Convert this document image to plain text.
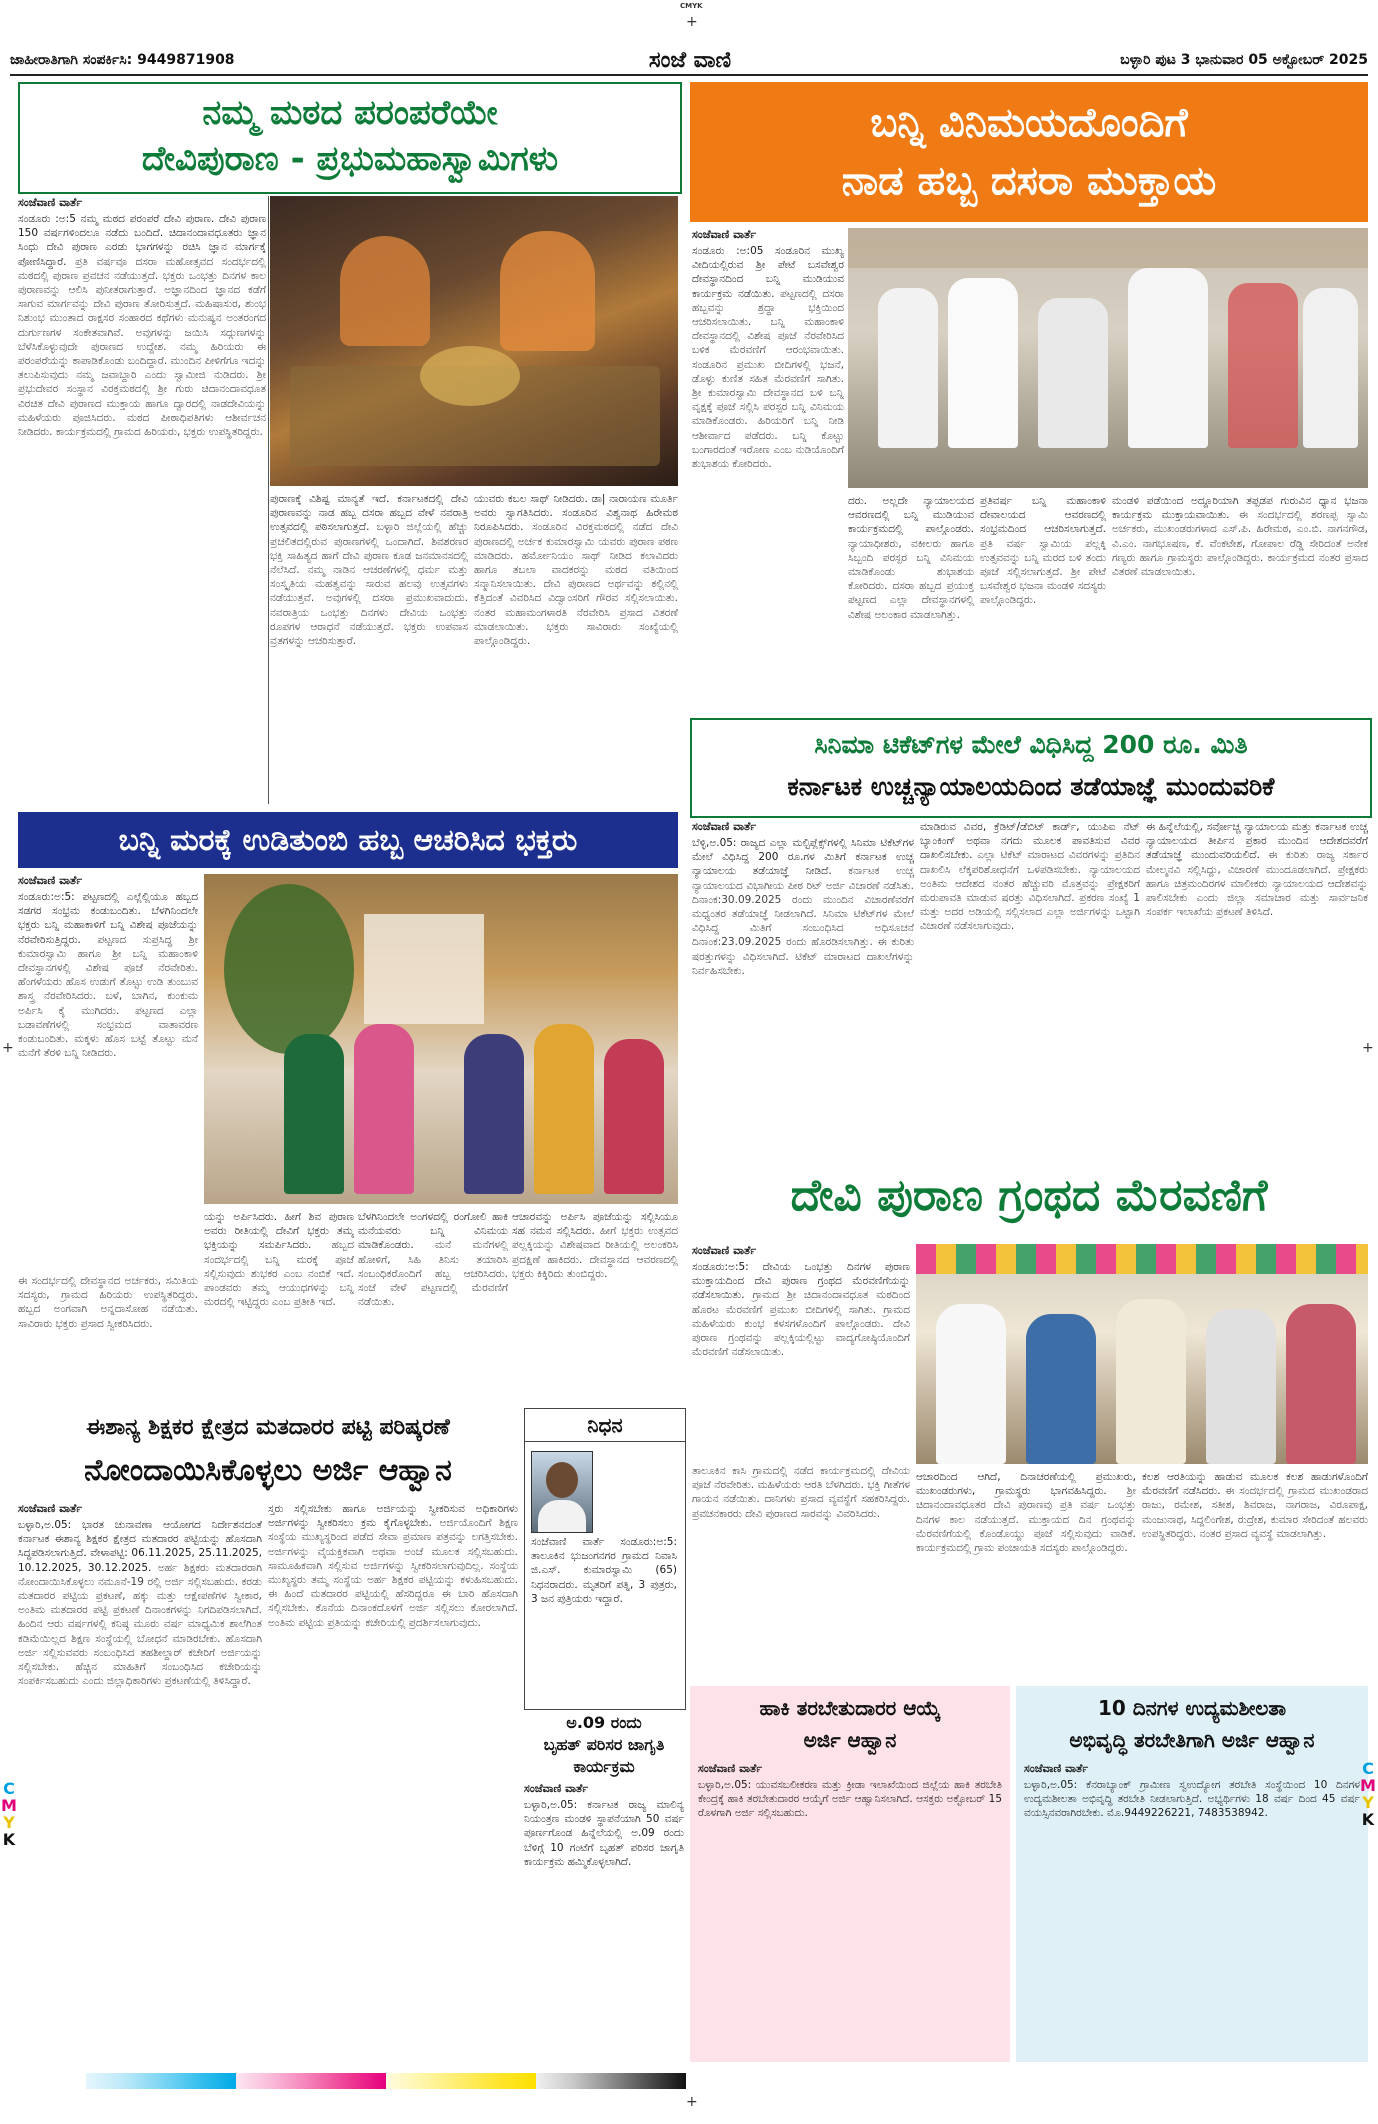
CMYK
+
ಜಾಹೀರಾತಿಗಾಗಿ ಸಂಪರ್ಕಿಸಿ: 9449871908	ಸಂಜೆ ವಾಣಿ	ಬಳ್ಳಾರಿ ಪುಟ 3 ಭಾನುವಾರ 05 ಅಕ್ಟೋಬರ್ 2025
ನಮ್ಮ ಮಠದ ಪರಂಪರೆಯೇ
ದೇವಿಪುರಾಣ - ಪ್ರಭುಮಹಾಸ್ವಾಮಿಗಳು
ಸಂಜೆವಾಣಿ ವಾರ್ತೆ
ಸಂಡೂರು :ಅ:5 ನಮ್ಮ ಮಠದ ಪರಂಪರೆ ದೇವಿ ಪುರಾಣ. ದೇವಿ ಪುರಾಣ 150 ವರ್ಷಗಳಿಂದಲೂ ನಡೆದು ಬಂದಿದೆ. ಚಿದಾನಂದಾವಧೂತರು ಜ್ಞಾನ ಸಿಂಧು ದೇವಿ ಪುರಾಣ ಎರಡು ಭಾಗಗಳನ್ನು ರಚಿಸಿ ಜ್ಞಾನ ಮಾರ್ಗಕ್ಕೆ ಪೋಣಿಸಿದ್ದಾರೆ. ಪ್ರತಿ ವರ್ಷವೂ ದಸರಾ ಮಹೋತ್ಸವದ ಸಂದರ್ಭದಲ್ಲಿ ಮಠದಲ್ಲಿ ಪುರಾಣ ಪ್ರವಚನ ನಡೆಯುತ್ತದೆ. ಭಕ್ತರು ಒಂಭತ್ತು ದಿನಗಳ ಕಾಲ ಪುರಾಣವನ್ನು ಆಲಿಸಿ ಪುನೀತರಾಗುತ್ತಾರೆ. ಅಜ್ಞಾನದಿಂದ ಜ್ಞಾನದ ಕಡೆಗೆ ಸಾಗುವ ಮಾರ್ಗವನ್ನು ದೇವಿ ಪುರಾಣ ತೋರಿಸುತ್ತದೆ. ಮಹಿಷಾಸುರ, ಶುಂಭ ನಿಶುಂಭ ಮುಂತಾದ ರಾಕ್ಷಸರ ಸಂಹಾರದ ಕಥೆಗಳು ಮನುಷ್ಯನ ಅಂತರಂಗದ ದುರ್ಗುಣಗಳ ಸಂಕೇತವಾಗಿವೆ. ಅವುಗಳನ್ನು ಜಯಿಸಿ ಸದ್ಗುಣಗಳನ್ನು ಬೆಳೆಸಿಕೊಳ್ಳುವುದೇ ಪುರಾಣದ ಉದ್ದೇಶ. ನಮ್ಮ ಹಿರಿಯರು ಈ ಪರಂಪರೆಯನ್ನು ಕಾಪಾಡಿಕೊಂಡು ಬಂದಿದ್ದಾರೆ. ಮುಂದಿನ ಪೀಳಿಗೆಗೂ ಇದನ್ನು ತಲುಪಿಸುವುದು ನಮ್ಮ ಜವಾಬ್ದಾರಿ ಎಂದು ಸ್ವಾಮೀಜಿ ನುಡಿದರು. ಶ್ರೀ ಪ್ರಭುದೇವರ ಸಂಸ್ಥಾನ ವಿರಕ್ತಮಠದಲ್ಲಿ ಶ್ರೀ ಗುರು ಚಿದಾನಂದಾವಧೂತ ವಿರಚಿತ ದೇವಿ ಪುರಾಣದ ಮುಕ್ತಾಯ ಹಾಗೂ ದ್ವಾರದಲ್ಲಿ ನಾಡದೇವಿಯನ್ನು ಮಹಿಳೆಯರು ಪೂಜಿಸಿದರು. ಮಠದ ಪೀಠಾಧಿಪತಿಗಳು ಆಶೀರ್ವಚನ ನೀಡಿದರು. ಕಾರ್ಯಕ್ರಮದಲ್ಲಿ ಗ್ರಾಮದ ಹಿರಿಯರು, ಭಕ್ತರು ಉಪಸ್ಥಿತರಿದ್ದರು.
ಪುರಾಣಕ್ಕೆ ವಿಶಿಷ್ಟ ಮಾನ್ಯತೆ ಇದೆ. ಕರ್ನಾಟಕದಲ್ಲಿ ದೇವಿ ಪುರಾಣವನ್ನು ನಾಡ ಹಬ್ಬ ದಸರಾ ಹಬ್ಬದ ವೇಳೆ ನವರಾತ್ರಿ ಉತ್ಸವದಲ್ಲಿ ಪಠಿಸಲಾಗುತ್ತದೆ. ಬಳ್ಳಾರಿ ಜಿಲ್ಲೆಯಲ್ಲಿ ಹೆಚ್ಚು ಪ್ರಚಲಿತದಲ್ಲಿರುವ ಪುರಾಣಗಳಲ್ಲಿ ಒಂದಾಗಿದೆ. ಶಿವಶರಣರ ಭಕ್ತಿ ಸಾಹಿತ್ಯದ ಹಾಗೆ ದೇವಿ ಪುರಾಣ ಕೂಡ ಜನಮಾನಸದಲ್ಲಿ ನೆಲೆಸಿದೆ. ನಮ್ಮ ನಾಡಿನ ಆಚರಣೆಗಳಲ್ಲಿ ಧರ್ಮ ಮತ್ತು ಸಂಸ್ಕೃತಿಯ ಮಹತ್ವವನ್ನು ಸಾರುವ ಹಲವು ಉತ್ಸವಗಳು ನಡೆಯುತ್ತವೆ. ಅವುಗಳಲ್ಲಿ ದಸರಾ ಪ್ರಮುಖವಾದುದು. ನವರಾತ್ರಿಯ ಒಂಭತ್ತು ದಿನಗಳು ದೇವಿಯ ಒಂಭತ್ತು ರೂಪಗಳ ಆರಾಧನೆ ನಡೆಯುತ್ತದೆ. ಭಕ್ತರು ಉಪವಾಸ ವ್ರತಗಳನ್ನು ಆಚರಿಸುತ್ತಾರೆ.
ಯುವರು ಕಬಲ ಸಾಥ್ ನೀಡಿದರು. ಡಾ| ನಾರಾಯಣ ಮೂರ್ತಿ ಅವರು ಸ್ವಾಗತಿಸಿದರು. ಸಂಡೂರಿನ ವಿಶ್ವನಾಥ ಹಿರೇಮಠ ನಿರೂಪಿಸಿದರು. ಸಂಡೂರಿನ ವಿರಕ್ತಮಠದಲ್ಲಿ ನಡೆದ ದೇವಿ ಪುರಾಣದಲ್ಲಿ ಅರ್ಚಕ ಕುಮಾರಸ್ವಾಮಿ ಯವರು ಪುರಾಣ ಪಠಣ ಮಾಡಿದರು. ಹರ್ಮೋನಿಯಂ ಸಾಥ್ ನೀಡಿದ ಕಲಾವಿದರು ಹಾಗೂ ತಬಲಾ ವಾದಕರನ್ನು ಮಠದ ವತಿಯಿಂದ ಸನ್ಮಾನಿಸಲಾಯಿತು. ದೇವಿ ಪುರಾಣದ ಅರ್ಥವನ್ನು ಕಲ್ಲಿನಲ್ಲಿ ಕೆತ್ತಿದಂತೆ ವಿವರಿಸಿದ ವಿದ್ವಾಂಸರಿಗೆ ಗೌರವ ಸಲ್ಲಿಸಲಾಯಿತು. ನಂತರ ಮಹಾಮಂಗಳಾರತಿ ನೆರವೇರಿಸಿ ಪ್ರಸಾದ ವಿತರಣೆ ಮಾಡಲಾಯಿತು. ಭಕ್ತರು ಸಾವಿರಾರು ಸಂಖ್ಯೆಯಲ್ಲಿ ಪಾಲ್ಗೊಂಡಿದ್ದರು.
ಬನ್ನಿ ವಿನಿಮಯದೊಂದಿಗೆ
ನಾಡ ಹಬ್ಬ ದಸರಾ ಮುಕ್ತಾಯ
ಸಂಜೆವಾಣಿ ವಾರ್ತೆ
ಸಂಡೂರು :ಅ:05 ಸಂಡೂರಿನ ಮುಖ್ಯ ವೀದಿಯಲ್ಲಿರುವ ಶ್ರೀ ಪೇಟೆ ಬಸವೇಶ್ವರ ದೇವಸ್ಥಾನದಿಂದ ಬನ್ನಿ ಮುಡಿಯುವ ಕಾರ್ಯಕ್ರಮ ನಡೆಯಿತು. ಪಟ್ಟಣದಲ್ಲಿ ದಸರಾ ಹಬ್ಬವನ್ನು ಶ್ರದ್ಧಾ ಭಕ್ತಿಯಿಂದ ಆಚರಿಸಲಾಯಿತು. ಬನ್ನಿ ಮಹಾಂಕಾಳಿ ದೇವಸ್ಥಾನದಲ್ಲಿ ವಿಶೇಷ ಪೂಜೆ ನೆರವೇರಿಸಿದ ಬಳಿಕ ಮೆರವಣಿಗೆ ಆರಂಭವಾಯಿತು. ಸಂಡೂರಿನ ಪ್ರಮುಖ ಬೀದಿಗಳಲ್ಲಿ ಭಜನೆ, ಡೊಳ್ಳು ಕುಣಿತ ಸಹಿತ ಮೆರವಣಿಗೆ ಸಾಗಿತು. ಶ್ರೀ ಕುಮಾರಸ್ವಾಮಿ ದೇವಸ್ಥಾನದ ಬಳಿ ಬನ್ನಿ ವೃಕ್ಷಕ್ಕೆ ಪೂಜೆ ಸಲ್ಲಿಸಿ ಪರಸ್ಪರ ಬನ್ನಿ ವಿನಿಮಯ ಮಾಡಿಕೊಂಡರು. ಹಿರಿಯರಿಗೆ ಬನ್ನಿ ನೀಡಿ ಆಶೀರ್ವಾದ ಪಡೆದರು. ಬನ್ನಿ ಕೊಟ್ಟು ಬಂಗಾರದಂತೆ ಇರೋಣ ಎಂಬ ನುಡಿಯೊಂದಿಗೆ ಶುಭಾಶಯ ಕೋರಿದರು.
ದರು. ಅಲ್ಲದೇ ನ್ಯಾಯಾಲಯದ ಆವರಣದಲ್ಲಿ ಬನ್ನಿ ಮುಡಿಯುವ ಕಾರ್ಯಕ್ರಮದಲ್ಲಿ ಪಾಲ್ಗೊಂಡರು. ನ್ಯಾಯಾಧೀಶರು, ವಕೀಲರು ಹಾಗೂ ಸಿಬ್ಬಂದಿ ಪರಸ್ಪರ ಬನ್ನಿ ವಿನಿಮಯ ಮಾಡಿಕೊಂಡು ಶುಭಾಶಯ ಕೋರಿದರು. ದಸರಾ ಹಬ್ಬದ ಪ್ರಯುಕ್ತ ಪಟ್ಟಣದ ಎಲ್ಲಾ ದೇವಸ್ಥಾನಗಳಲ್ಲಿ ವಿಶೇಷ ಅಲಂಕಾರ ಮಾಡಲಾಗಿತ್ತು.
ಪ್ರತಿವರ್ಷ ಬನ್ನಿ ಮಹಾಂಕಾಳಿ ದೇವಾಲಯದ ಆವರಣದಲ್ಲಿ ಸಂಭ್ರಮದಿಂದ ಆಚರಿಸಲಾಗುತ್ತದೆ. ಪ್ರತಿ ವರ್ಷ ಸ್ವಾಮಿಯ ಪಲ್ಲಕ್ಕಿ ಉತ್ಸವವನ್ನು ಬನ್ನಿ ಮರದ ಬಳಿ ತಂದು ಪೂಜೆ ಸಲ್ಲಿಸಲಾಗುತ್ತದೆ. ಶ್ರೀ ಪೇಟೆ ಬಸವೇಶ್ವರ ಭಜನಾ ಮಂಡಳಿ ಸದಸ್ಯರು ಪಾಲ್ಗೊಂಡಿದ್ದರು.
ಮಂಡಳಿ ಪಡೆಯಿಂದ ಅದ್ದೂರಿಯಾಗಿ ತಪ್ಪಡಪ ಗುರುವಿನ ಧ್ಯಾನ ಭಜನಾ ಕಾರ್ಯಕ್ರಮ ಮುಕ್ತಾಯವಾಯಿತು. ಈ ಸಂದರ್ಭದಲ್ಲಿ ಶರಣಪ್ಪ ಸ್ವಾಮಿ ಅರ್ಚಕರು, ಮುಖಂಡರುಗಳಾದ ಎಸ್.ಪಿ. ಹಿರೇಮಠ, ಎಂ.ಬಿ. ನಾಗನಗೌಡ, ವಿ.ಎಂ. ನಾಗಭೂಷಣ, ಕೆ. ವೆಂಕಟೇಶ, ಗೋಪಾಲ ರೆಡ್ಡಿ ಸೇರಿದಂತೆ ಅನೇಕ ಗಣ್ಯರು ಹಾಗೂ ಗ್ರಾಮಸ್ಥರು ಪಾಲ್ಗೊಂಡಿದ್ದರು. ಕಾರ್ಯಕ್ರಮದ ನಂತರ ಪ್ರಸಾದ ವಿತರಣೆ ಮಾಡಲಾಯಿತು.
ಸಿನಿಮಾ ಟಿಕೆಟ್‌ಗಳ ಮೇಲೆ ವಿಧಿಸಿದ್ದ 200 ರೂ. ಮಿತಿ
ಕರ್ನಾಟಕ ಉಚ್ಚನ್ಯಾಯಾಲಯದಿಂದ ತಡೆಯಾಜ್ಞೆ ಮುಂದುವರಿಕೆ
ಸಂಜೆವಾಣಿ ವಾರ್ತೆ
ಬೆಳ್ಳಿ,ಅ.05: ರಾಜ್ಯದ ಎಲ್ಲಾ ಮಲ್ಟಿಪ್ಲೆಕ್ಸ್‌ಗಳಲ್ಲಿ ಸಿನಿಮಾ ಟಿಕೆಟ್‌ಗಳ ಮೇಲೆ ವಿಧಿಸಿದ್ದ 200 ರೂ.ಗಳ ಮಿತಿಗೆ ಕರ್ನಾಟಕ ಉಚ್ಚ ನ್ಯಾಯಾಲಯ ತಡೆಯಾಜ್ಞೆ ನೀಡಿದೆ. ಕರ್ನಾಟಕ ಉಚ್ಚ ನ್ಯಾಯಾಲಯದ ವಿಭಾಗೀಯ ಪೀಠ ರಿಟ್ ಅರ್ಜಿ ವಿಚಾರಣೆ ನಡೆಸಿತು. ದಿನಾಂಕ:30.09.2025 ರಂದು ಮುಂದಿನ ವಿಚಾರಣೆವರೆಗೆ ಮಧ್ಯಂತರ ತಡೆಯಾಜ್ಞೆ ನೀಡಲಾಗಿದೆ. ಸಿನಿಮಾ ಟಿಕೆಟ್‌ಗಳ ಮೇಲೆ ವಿಧಿಸಿದ್ದ ಮಿತಿಗೆ ಸಂಬಂಧಿಸಿದ ಅಧಿಸೂಚನೆ ದಿನಾಂಕ:23.09.2025 ರಂದು ಹೊರಡಿಸಲಾಗಿತ್ತು. ಈ ಕುರಿತು ಷರತ್ತುಗಳನ್ನು ವಿಧಿಸಲಾಗಿದೆ. ಟಿಕೆಟ್ ಮಾರಾಟದ ದಾಖಲೆಗಳನ್ನು ನಿರ್ವಹಿಸಬೇಕು.
ಮಾಡಿರುವ ವಿವರ, ಕ್ರೆಡಿಟ್/ಡೆಬಿಟ್ ಕಾರ್ಡ್, ಯುಪಿಐ ನೆಟ್ ಬ್ಯಾಂಕಿಂಗ್ ಅಥವಾ ನಗದು ಮೂಲಕ ಪಾವತಿಸುವ ವಿವರ ದಾಖಲಿಸಬೇಕು. ಎಲ್ಲಾ ಟಿಕೆಟ್ ಮಾರಾಟದ ವಿವರಗಳನ್ನು ಪ್ರತಿದಿನ ದಾಖಲಿಸಿ ಲೆಕ್ಕಪರಿಶೋಧನೆಗೆ ಒಳಪಡಿಸಬೇಕು. ನ್ಯಾಯಾಲಯದ ಅಂತಿಮ ಆದೇಶದ ನಂತರ ಹೆಚ್ಚುವರಿ ಮೊತ್ತವನ್ನು ಪ್ರೇಕ್ಷಕರಿಗೆ ಮರುಪಾವತಿ ಮಾಡುವ ಷರತ್ತು ವಿಧಿಸಲಾಗಿದೆ. ಪ್ರಕರಣ ಸಂಖ್ಯೆ 1 ಮತ್ತು ಅದರ ಅಡಿಯಲ್ಲಿ ಸಲ್ಲಿಸಲಾದ ಎಲ್ಲಾ ಅರ್ಜಿಗಳನ್ನು ಒಟ್ಟಾಗಿ ವಿಚಾರಣೆ ನಡೆಸಲಾಗುವುದು.
ಈ ಹಿನ್ನೆಲೆಯಲ್ಲಿ, ಸರ್ವೋಚ್ಚ ನ್ಯಾಯಾಲಯ ಮತ್ತು ಕರ್ನಾಟಕ ಉಚ್ಚ ನ್ಯಾಯಾಲಯದ ತೀರ್ಪಿನ ಪ್ರಕಾರ ಮುಂದಿನ ಆದೇಶದವರೆಗೆ ತಡೆಯಾಜ್ಞೆ ಮುಂದುವರಿಯಲಿದೆ. ಈ ಕುರಿತು ರಾಜ್ಯ ಸರ್ಕಾರ ಮೇಲ್ಮನವಿ ಸಲ್ಲಿಸಿದ್ದು, ವಿಚಾರಣೆ ಮುಂದೂಡಲಾಗಿದೆ. ಪ್ರೇಕ್ಷಕರು ಹಾಗೂ ಚಿತ್ರಮಂದಿರಗಳ ಮಾಲೀಕರು ನ್ಯಾಯಾಲಯದ ಆದೇಶವನ್ನು ಪಾಲಿಸಬೇಕು ಎಂದು ಜಿಲ್ಲಾ ಸಮಾಚಾರ ಮತ್ತು ಸಾರ್ವಜನಿಕ ಸಂಪರ್ಕ ಇಲಾಖೆಯ ಪ್ರಕಟಣೆ ತಿಳಿಸಿದೆ.
ಬನ್ನಿ ಮರಕ್ಕೆ ಉಡಿತುಂಬಿ ಹಬ್ಬ ಆಚರಿಸಿದ ಭಕ್ತರು
ಸಂಜೆವಾಣಿ ವಾರ್ತೆ
ಸಂಡೂರು:ಅ:5: ಪಟ್ಟಣದಲ್ಲಿ ಎಲ್ಲೆಲ್ಲಿಯೂ ಹಬ್ಬದ ಸಡಗರ ಸಂಭ್ರಮ ಕಂಡುಬಂದಿತು. ಬೆಳಗಿನಿಂದಲೇ ಭಕ್ತರು ಬನ್ನಿ ಮಹಾಕಾಳಿಗೆ ಬನ್ನಿ ವಿಶೇಷ ಪೂಜೆಯನ್ನು ನೆರವೇರಿಸುತ್ತಿದ್ದರು. ಪಟ್ಟಣದ ಸುಪ್ರಸಿದ್ಧ ಶ್ರೀ ಕುಮಾರಸ್ವಾಮಿ ಹಾಗೂ ಶ್ರೀ ಬನ್ನಿ ಮಹಾಂಕಾಳಿ ದೇವಸ್ಥಾನಗಳಲ್ಲಿ ವಿಶೇಷ ಪೂಜೆ ನೆರವೇರಿತು. ಹೆಂಗಳೆಯರು ಹೊಸ ಉಡುಗೆ ತೊಟ್ಟು ಉಡಿ ತುಂಬುವ ಶಾಸ್ತ್ರ ನೆರವೇರಿಸಿದರು. ಬಳೆ, ಬಾಗಿನ, ಕುಂಕುಮ ಅರ್ಪಿಸಿ ಕೈ ಮುಗಿದರು. ಪಟ್ಟಣದ ಎಲ್ಲಾ ಬಡಾವಣೆಗಳಲ್ಲಿ ಸಂಭ್ರಮದ ವಾತಾವರಣ ಕಂಡುಬಂದಿತು. ಮಕ್ಕಳು ಹೊಸ ಬಟ್ಟೆ ತೊಟ್ಟು ಮನೆ ಮನೆಗೆ ತೆರಳಿ ಬನ್ನಿ ನೀಡಿದರು.
ಯನ್ನು ಅರ್ಪಿಸಿದರು. ಹೀಗೆ ಶಿವ ಪುರಾಣ ಅವರು ರೀತಿಯಲ್ಲಿ ದೇವಿಗೆ ಭಕ್ತರು ತಮ್ಮ ಭಕ್ತಿಯನ್ನು ಸಮರ್ಪಿಸಿದರು. ಹಬ್ಬದ ಸಂದರ್ಭದಲ್ಲಿ ಬನ್ನಿ ಮರಕ್ಕೆ ಪೂಜೆ ಸಲ್ಲಿಸುವುದು ಶುಭಕರ ಎಂಬ ನಂಬಿಕೆ ಇದೆ. ಪಾಂಡವರು ತಮ್ಮ ಆಯುಧಗಳನ್ನು ಬನ್ನಿ ಮರದಲ್ಲಿ ಇಟ್ಟಿದ್ದರು ಎಂಬ ಪ್ರತೀತಿ ಇದೆ.
ಬೆಳಗಿನಿಂದಲೇ ಅಂಗಳದಲ್ಲಿ ರಂಗೋಲಿ ಹಾಕಿ ಮನೆಯವರು ಬನ್ನಿ ವಿನಿಮಯ ಮಾಡಿಕೊಂಡರು. ಮನೆ ಮನೆಗಳಲ್ಲಿ ಹೋಳಿಗೆ, ಸಿಹಿ ತಿನಿಸು ತಯಾರಿಸಿ ಸಂಬಂಧಿಕರೊಂದಿಗೆ ಹಬ್ಬ ಆಚರಿಸಿದರು. ಸಂಜೆ ವೇಳೆ ಪಟ್ಟಣದಲ್ಲಿ ಮೆರವಣಿಗೆ ನಡೆಯಿತು.
ಆಚಾರವನ್ನು ಅರ್ಪಿಸಿ ಪೂಜೆಯನ್ನು ಸಲ್ಲಿಸಿಯೂ ಸಹ ನಮನ ಸಲ್ಲಿಸಿದರು. ಹೀಗೆ ಭಕ್ತರು ಉತ್ಸವದ ಪಲ್ಲಕ್ಕಿಯನ್ನು ವಿಶೇಷವಾದ ರೀತಿಯಲ್ಲಿ ಅಲಂಕರಿಸಿ ಪ್ರದಕ್ಷಿಣೆ ಹಾಕಿದರು. ದೇವಸ್ಥಾನದ ಆವರಣದಲ್ಲಿ ಭಕ್ತರು ಕಿಕ್ಕಿರಿದು ತುಂಬಿದ್ದರು.
ಈ ಸಂದರ್ಭದಲ್ಲಿ ದೇವಸ್ಥಾನದ ಅರ್ಚಕರು, ಸಮಿತಿಯ ಸದಸ್ಯರು, ಗ್ರಾಮದ ಹಿರಿಯರು ಉಪಸ್ಥಿತರಿದ್ದರು. ಹಬ್ಬದ ಅಂಗವಾಗಿ ಅನ್ನದಾಸೋಹ ನಡೆಯಿತು. ಸಾವಿರಾರು ಭಕ್ತರು ಪ್ರಸಾದ ಸ್ವೀಕರಿಸಿದರು.
ದೇವಿ ಪುರಾಣ ಗ್ರಂಥದ ಮೆರವಣಿಗೆ
ಸಂಜೆವಾಣಿ ವಾರ್ತೆ
ಸಂಡೂರು:ಅ:5: ದೇವಿಯ ಒಂಭತ್ತು ದಿನಗಳ ಪುರಾಣ ಮುಕ್ತಾಯದಿಂದ ದೇವಿ ಪುರಾಣ ಗ್ರಂಥದ ಮೆರವಣಿಗೆಯನ್ನು ನಡೆಸಲಾಯಿತು. ಗ್ರಾಮದ ಶ್ರೀ ಚಿದಾನಂದಾವಧೂತ ಮಠದಿಂದ ಹೊರಟ ಮೆರವಣಿಗೆ ಪ್ರಮುಖ ಬೀದಿಗಳಲ್ಲಿ ಸಾಗಿತು. ಗ್ರಾಮದ ಮಹಿಳೆಯರು ಕುಂಭ ಕಳಸಗಳೊಂದಿಗೆ ಪಾಲ್ಗೊಂಡರು. ದೇವಿ ಪುರಾಣ ಗ್ರಂಥವನ್ನು ಪಲ್ಲಕ್ಕಿಯಲ್ಲಿಟ್ಟು ವಾದ್ಯಗೋಷ್ಠಿಯೊಂದಿಗೆ ಮೆರವಣಿಗೆ ನಡೆಸಲಾಯಿತು.
ಆಚಾರದಿಂದ ಆಗಿದೆ, ದಿನಾಚರಣೆಯಲ್ಲಿ ಪ್ರಮುಖರು, ಮುಖಂಡರುಗಳು, ಗ್ರಾಮಸ್ಥರು ಭಾಗವಹಿಸಿದ್ದರು. ಶ್ರೀ ಚಿದಾನಂದಾವಧೂತರ ದೇವಿ ಪುರಾಣವು ಪ್ರತಿ ವರ್ಷ ಒಂಭತ್ತು ದಿನಗಳ ಕಾಲ ನಡೆಯುತ್ತದೆ. ಮುಕ್ತಾಯದ ದಿನ ಗ್ರಂಥವನ್ನು ಮೆರವಣಿಗೆಯಲ್ಲಿ ಕೊಂಡೊಯ್ದು ಪೂಜೆ ಸಲ್ಲಿಸುವುದು ವಾಡಿಕೆ. ಕಾರ್ಯಕ್ರಮದಲ್ಲಿ ಗ್ರಾಮ ಪಂಚಾಯತಿ ಸದಸ್ಯರು ಪಾಲ್ಗೊಂಡಿದ್ದರು.
ಕಲಶ ಆರತಿಯನ್ನು ಹಾಡುವ ಮೂಲಕ ಕಲಶ ಹಾಡುಗಳೊಂದಿಗೆ ಮೆರವಣಿಗೆ ನಡೆಸಿದರು. ಈ ಸಂದರ್ಭದಲ್ಲಿ ಗ್ರಾಮದ ಮುಖಂಡರಾದ ರಾಜು, ರಮೇಶ, ಸತೀಶ, ಶಿವರಾಜ, ನಾಗರಾಜ, ವಿರೂಪಾಕ್ಷ, ಮಂಜುನಾಥ, ಸಿದ್ದಲಿಂಗೇಶ, ರುದ್ರೇಶ, ಕುಮಾರ ಸೇರಿದಂತೆ ಹಲವರು ಉಪಸ್ಥಿತರಿದ್ದರು. ನಂತರ ಪ್ರಸಾದ ವ್ಯವಸ್ಥೆ ಮಾಡಲಾಗಿತ್ತು.
ತಾಲೂಕಿನ ಕಾಸಿ ಗ್ರಾಮದಲ್ಲಿ ನಡೆದ ಕಾರ್ಯಕ್ರಮದಲ್ಲಿ ದೇವಿಯ ಪೂಜೆ ನೆರವೇರಿತು. ಮಹಿಳೆಯರು ಆರತಿ ಬೆಳಗಿದರು. ಭಕ್ತಿ ಗೀತೆಗಳ ಗಾಯನ ನಡೆಯಿತು. ದಾನಿಗಳು ಪ್ರಸಾದ ವ್ಯವಸ್ಥೆಗೆ ಸಹಕರಿಸಿದ್ದರು. ಪ್ರವಚನಕಾರರು ದೇವಿ ಪುರಾಣದ ಸಾರವನ್ನು ವಿವರಿಸಿದರು.
ಈಶಾನ್ಯ ಶಿಕ್ಷಕರ ಕ್ಷೇತ್ರದ ಮತದಾರರ ಪಟ್ಟಿ ಪರಿಷ್ಕರಣೆ
ನೋಂದಾಯಿಸಿಕೊಳ್ಳಲು ಅರ್ಜಿ ಆಹ್ವಾನ
ಸಂಜೆವಾಣಿ ವಾರ್ತೆ
ಬಳ್ಳಾರಿ,ಅ.05: ಭಾರತ ಚುನಾವಣಾ ಆಯೋಗದ ನಿರ್ದೇಶನದಂತೆ ಕರ್ನಾಟಕ ಈಶಾನ್ಯ ಶಿಕ್ಷಕರ ಕ್ಷೇತ್ರದ ಮತದಾರರ ಪಟ್ಟಿಯನ್ನು ಹೊಸದಾಗಿ ಸಿದ್ಧಪಡಿಸಲಾಗುತ್ತಿದೆ. ವೇಳಾಪಟ್ಟಿ: 06.11.2025, 25.11.2025, 10.12.2025, 30.12.2025. ಅರ್ಹ ಶಿಕ್ಷಕರು ಮತದಾರರಾಗಿ ನೋಂದಾಯಿಸಿಕೊಳ್ಳಲು ನಮೂನೆ-19 ರಲ್ಲಿ ಅರ್ಜಿ ಸಲ್ಲಿಸಬಹುದು. ಕರಡು ಮತದಾರರ ಪಟ್ಟಿಯ ಪ್ರಕಟಣೆ, ಹಕ್ಕು ಮತ್ತು ಆಕ್ಷೇಪಣೆಗಳ ಸ್ವೀಕಾರ, ಅಂತಿಮ ಮತದಾರರ ಪಟ್ಟಿ ಪ್ರಕಟಣೆ ದಿನಾಂಕಗಳನ್ನು ನಿಗದಿಪಡಿಸಲಾಗಿದೆ. ಹಿಂದಿನ ಆರು ವರ್ಷಗಳಲ್ಲಿ ಕನಿಷ್ಠ ಮೂರು ವರ್ಷ ಮಾಧ್ಯಮಿಕ ಶಾಲೆಗಿಂತ ಕಡಿಮೆಯಿಲ್ಲದ ಶಿಕ್ಷಣ ಸಂಸ್ಥೆಯಲ್ಲಿ ಬೋಧನೆ ಮಾಡಿರಬೇಕು. ಹೊಸದಾಗಿ ಅರ್ಜಿ ಸಲ್ಲಿಸುವವರು ಸಂಬಂಧಿಸಿದ ತಹಶೀಲ್ದಾರ್ ಕಚೇರಿಗೆ ಅರ್ಜಿಯನ್ನು ಸಲ್ಲಿಸಬೇಕು. ಹೆಚ್ಚಿನ ಮಾಹಿತಿಗೆ ಸಂಬಂಧಿಸಿದ ಕಚೇರಿಯನ್ನು ಸಂಪರ್ಕಿಸಬಹುದು ಎಂದು ಜಿಲ್ಲಾಧಿಕಾರಿಗಳು ಪ್ರಕಟಣೆಯಲ್ಲಿ ತಿಳಿಸಿದ್ದಾರೆ.
ಸ್ತರು ಸಲ್ಲಿಸಬೇಕು ಹಾಗೂ ಅರ್ಜಿಯನ್ನು ಸ್ವೀಕರಿಸುವ ಅಧಿಕಾರಿಗಳು ಅರ್ಜಿಗಳನ್ನು ಸ್ವೀಕರಿಸಲು ಕ್ರಮ ಕೈಗೊಳ್ಳಬೇಕು. ಅರ್ಜಿಯೊಂದಿಗೆ ಶಿಕ್ಷಣ ಸಂಸ್ಥೆಯ ಮುಖ್ಯಸ್ಥರಿಂದ ಪಡೆದ ಸೇವಾ ಪ್ರಮಾಣ ಪತ್ರವನ್ನು ಲಗತ್ತಿಸಬೇಕು. ಅರ್ಜಿಗಳನ್ನು ವೈಯಕ್ತಿಕವಾಗಿ ಅಥವಾ ಅಂಚೆ ಮೂಲಕ ಸಲ್ಲಿಸಬಹುದು. ಸಾಮೂಹಿಕವಾಗಿ ಸಲ್ಲಿಸುವ ಅರ್ಜಿಗಳನ್ನು ಸ್ವೀಕರಿಸಲಾಗುವುದಿಲ್ಲ. ಸಂಸ್ಥೆಯ ಮುಖ್ಯಸ್ಥರು ತಮ್ಮ ಸಂಸ್ಥೆಯ ಅರ್ಹ ಶಿಕ್ಷಕರ ಪಟ್ಟಿಯನ್ನು ಕಳುಹಿಸಬಹುದು. ಈ ಹಿಂದೆ ಮತದಾರರ ಪಟ್ಟಿಯಲ್ಲಿ ಹೆಸರಿದ್ದರೂ ಈ ಬಾರಿ ಹೊಸದಾಗಿ ಸಲ್ಲಿಸಬೇಕು. ಕೊನೆಯ ದಿನಾಂಕದೊಳಗೆ ಅರ್ಜಿ ಸಲ್ಲಿಸಲು ಕೋರಲಾಗಿದೆ. ಅಂತಿಮ ಪಟ್ಟಿಯ ಪ್ರತಿಯನ್ನು ಕಚೇರಿಯಲ್ಲಿ ಪ್ರದರ್ಶಿಸಲಾಗುವುದು.
ನಿಧನ
ಸಂಜೆವಾಣಿ ವಾರ್ತೆ ಸಂಡೂರು:ಅ:5: ತಾಲೂಕಿನ ಭುಜಂಗನಗರ ಗ್ರಾಮದ ನಿವಾಸಿ ಜಿ.ಎಸ್. ಕುಮಾರಸ್ವಾಮಿ (65) ನಿಧನರಾದರು. ಮೃತರಿಗೆ ಪತ್ನಿ, 3 ಪುತ್ರರು, 3 ಜನ ಪುತ್ರಿಯರು ಇದ್ದಾರೆ.
ಅ.09 ರಂದು
ಬೃಹತ್ ಪರಿಸರ ಜಾಗೃತಿ
ಕಾರ್ಯಕ್ರಮ
ಸಂಜೆವಾಣಿ ವಾರ್ತೆ
ಬಳ್ಳಾರಿ,ಅ.05: ಕರ್ನಾಟಕ ರಾಜ್ಯ ಮಾಲಿನ್ಯ ನಿಯಂತ್ರಣ ಮಂಡಳಿ ಸ್ಥಾಪನೆಯಾಗಿ 50 ವರ್ಷ ಪೂರ್ಣಗೊಂಡ ಹಿನ್ನೆಲೆಯಲ್ಲಿ ಅ.09 ರಂದು ಬೆಳಿಗ್ಗೆ 10 ಗಂಟೆಗೆ ಬೃಹತ್ ಪರಿಸರ ಜಾಗೃತಿ ಕಾರ್ಯಕ್ರಮ ಹಮ್ಮಿಕೊಳ್ಳಲಾಗಿದೆ.
ಹಾಕಿ ತರಬೇತುದಾರರ ಆಯ್ಕೆ
ಅರ್ಜಿ ಆಹ್ವಾನ
ಸಂಜೆವಾಣಿ ವಾರ್ತೆ
ಬಳ್ಳಾರಿ,ಅ.05: ಯುವಸಬಲೀಕರಣ ಮತ್ತು ಕ್ರೀಡಾ ಇಲಾಖೆಯಿಂದ ಜಿಲ್ಲೆಯ ಹಾಕಿ ತರಬೇತಿ ಕೇಂದ್ರಕ್ಕೆ ಹಾಕಿ ತರಬೇತುದಾರರ ಆಯ್ಕೆಗೆ ಅರ್ಜಿ ಆಹ್ವಾನಿಸಲಾಗಿದೆ. ಆಸಕ್ತರು ಅಕ್ಟೋಬರ್ 15 ರೊಳಗಾಗಿ ಅರ್ಜಿ ಸಲ್ಲಿಸಬಹುದು.
10 ದಿನಗಳ ಉದ್ಯಮಶೀಲತಾ
ಅಭಿವೃದ್ಧಿ ತರಬೇತಿಗಾಗಿ ಅರ್ಜಿ ಆಹ್ವಾನ
ಸಂಜೆವಾಣಿ ವಾರ್ತೆ
ಬಳ್ಳಾರಿ,ಅ.05: ಕೆನರಾಬ್ಯಾಂಕ್ ಗ್ರಾಮೀಣ ಸ್ವಉದ್ಯೋಗ ತರಬೇತಿ ಸಂಸ್ಥೆಯಿಂದ 10 ದಿನಗಳ ಉದ್ಯಮಶೀಲತಾ ಅಭಿವೃದ್ಧಿ ತರಬೇತಿ ನೀಡಲಾಗುತ್ತಿದೆ. ಅಭ್ಯರ್ಥಿಗಳು 18 ವರ್ಷ ದಿಂದ 45 ವರ್ಷ ವಯಸ್ಸಿನವರಾಗಿರಬೇಕು. ಮೊ.9449226221, 7483538942.
C
M
Y
K
C
M
Y
K
+	+
+
